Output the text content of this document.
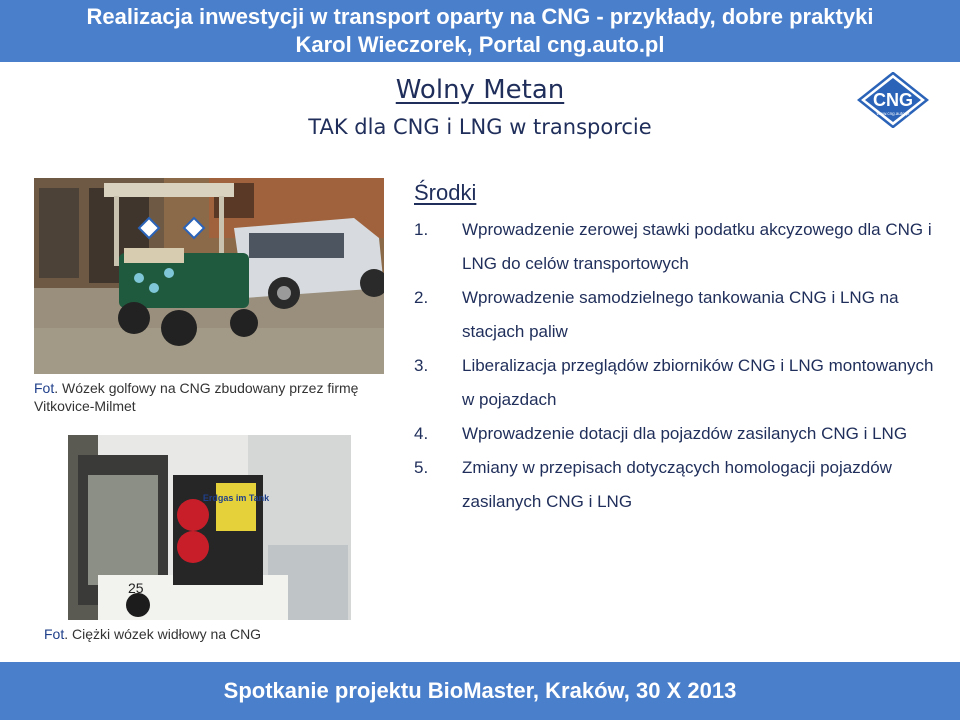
Realizacja inwestycji w transport oparty na CNG - przykłady, dobre praktyki
Karol Wieczorek, Portal cng.auto.pl
Wolny Metan
TAK dla CNG i LNG w transporcie
CNG
www.cng.auto.pl
Fot. Wózek golfowy na CNG zbudowany przez firmę Vitkovice-Milmet
Erdgas im Tank
25
Fot. Ciężki wózek widłowy na CNG
Środki
1. Wprowadzenie zerowej stawki podatku akcyzowego dla CNG i LNG do celów transportowych
2. Wprowadzenie samodzielnego tankowania CNG i LNG na stacjach paliw
3. Liberalizacja przeglądów zbiorników CNG i LNG montowanych w pojazdach
4. Wprowadzenie dotacji dla pojazdów zasilanych CNG i LNG
5. Zmiany w przepisach dotyczących homologacji pojazdów zasilanych CNG i LNG
Spotkanie projektu BioMaster, Kraków, 30 X 2013
